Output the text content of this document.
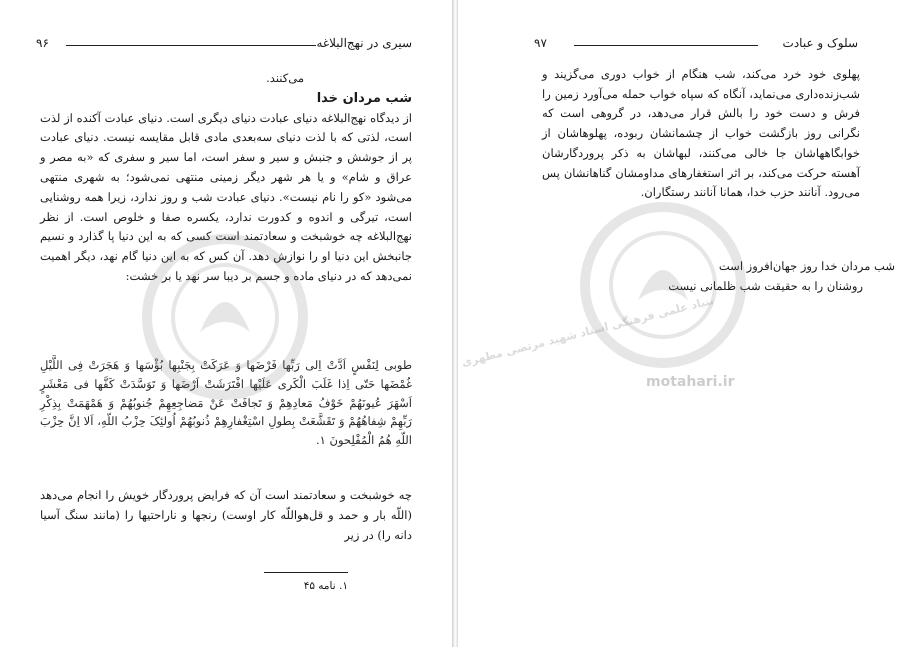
سیری در نهج‌البلاغه
۹۶

می‌کنند.

شب مردان خدا

از دیدگاه نهج‌البلاغه دنیای عبادت دنیای دیگری است. دنیای عبادت آکنده از لذت است، لذتی که با لذت دنیای سه‌بعدی مادی قابل مقایسه نیست. دنیای عبادت پر از جوشش و جنبش و سیر و سفر است، اما سیر و سفری که «به مصر و عراق و شام» و یا هر شهر دیگر زمینی منتهی نمی‌شود؛ به شهری منتهی می‌شود «کو را نام نیست». دنیای عبادت شب و روز ندارد، زیرا همه روشنایی است، تیرگی و اندوه و کدورت ندارد، یکسره صفا و خلوص است. از نظر نهج‌البلاغه چه خوشبخت و سعادتمند است کسی که به این دنیا پا گذارد و نسیم جانبخش این دنیا او را نوازش دهد. آن کس که به این دنیا گام نهد، دیگر اهمیت نمی‌دهد که در دنیای ماده و جسم بر دیبا سر نهد یا بر خشت:

طوبی لِنَفْسٍ اَدَّتْ اِلی رَبِّها فَرْضَها وَ عَرَکَتْ بِجَنْبِها بُؤْسَها وَ هَجَرَتْ فِی اللَّیْلِ غُمْضَها حَتّی اِذا غَلَبَ الْکَری عَلَیْها افْتَرَشَتْ اَرْضَها وَ تَوَسَّدَتْ کَفَّها فی مَعْشَرٍ اَسْهَرَ عُیونَهُمْ خَوْفُ مَعادِهِمْ وَ تَجافَتْ عَنْ مَضاجِعِهِمْ جُنوبُهُمْ وَ هَمْهَمَتْ بِذِکْرِ رَبِّهِمْ شِفاهُهُمْ وَ تَقَشَّعَتْ بِطولِ اسْتِغْفارِهِمْ ذُنوبُهُمْ اُولئِکَ حِزْبُ اللّهِ، اَلا اِنَّ حِزْبَ اللّهِ هُمُ الْمُفْلِحونَ ۱.
چه خوشبخت و سعادتمند است آن که فرایض پروردگار خویش را انجام می‌دهد (اللّه بار و حمد و قل‌هواللّه کار اوست) رنجها و ناراحتیها را (مانند سنگ آسیا دانه را) در زیر
۱. نامه ۴۵
سلوک و عبادت
۹۷

پهلوی خود خرد می‌کند، شب هنگام از خواب دوری می‌گزیند و شب‌زنده‌داری می‌نماید، آنگاه که سپاه خواب حمله می‌آورد زمین را فرش و دست خود را بالش قرار می‌دهد، در گروهی است که نگرانی روز بازگشت خواب از چشمانشان ربوده، پهلوهاشان از خوابگاههاشان جا خالی می‌کنند، لبهاشان به ذکر پروردگارشان آهسته حرکت می‌کند، بر اثر استغفارهای مداومشان گناهانشان پس می‌رود. آنانند حزب خدا، همانا آنانند رستگاران.

شب مردان خدا روز جهان‌افروز است
روشنان را به حقیقت شب ظلمانی نیست
بنیاد علمی فرهنگی استاد شهید مرتضی مطهری
motahari.ir
